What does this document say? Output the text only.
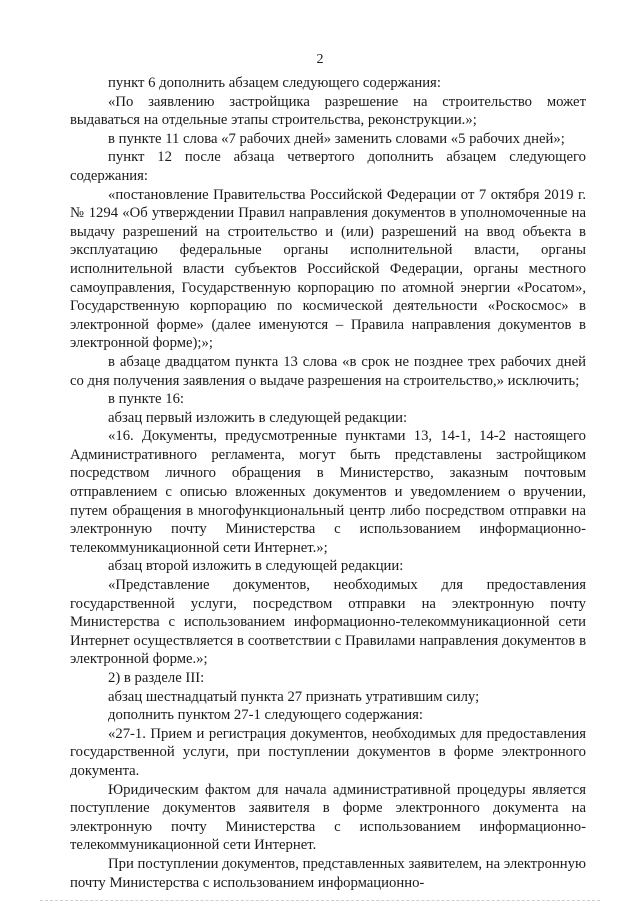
2

пункт 6 дополнить абзацем следующего содержания:

«По заявлению застройщика разрешение на строительство может выдаваться на отдельные этапы строительства, реконструкции.»;

в пункте 11 слова «7 рабочих дней» заменить словами «5 рабочих дней»;

пункт 12 после абзаца четвертого дополнить абзацем следующего содержания:

«постановление Правительства Российской Федерации от 7 октября 2019 г. № 1294 «Об утверждении Правил направления документов в уполномоченные на выдачу разрешений на строительство и (или) разрешений на ввод объекта в эксплуатацию федеральные органы исполнительной власти, органы исполнительной власти субъектов Российской Федерации, органы местного самоуправления, Государственную корпорацию по атомной энергии «Росатом», Государственную корпорацию по космической деятельности «Роскосмос» в электронной форме» (далее именуются – Правила направления документов в электронной форме);»;

в абзаце двадцатом пункта 13 слова «в срок не позднее трех рабочих дней со дня получения заявления о выдаче разрешения на строительство,» исключить;

в пункте 16:

абзац первый изложить в следующей редакции:

«16. Документы, предусмотренные пунктами 13, 14-1, 14-2 настоящего Административного регламента, могут быть представлены застройщиком посредством личного обращения в Министерство, заказным почтовым отправлением с описью вложенных документов и уведомлением о вручении, путем обращения в многофункциональный центр либо посредством отправки на электронную почту Министерства с использованием информационно-телекоммуникационной сети Интернет.»;

абзац второй изложить в следующей редакции:

«Представление документов, необходимых для предоставления государственной услуги, посредством отправки на электронную почту Министерства с использованием информационно-телекоммуникационной сети Интернет осуществляется в соответствии с Правилами направления документов в электронной форме.»;

2) в разделе III:

абзац шестнадцатый пункта 27 признать утратившим силу;

дополнить пунктом 27-1 следующего содержания:

«27-1. Прием и регистрация документов, необходимых для предоставления государственной услуги, при поступлении документов в форме электронного документа.

Юридическим фактом для начала административной процедуры является поступление документов заявителя в форме электронного документа на электронную почту Министерства с использованием информационно-телекоммуникационной сети Интернет.

При поступлении документов, представленных заявителем, на электронную почту Министерства с использованием информационно-
